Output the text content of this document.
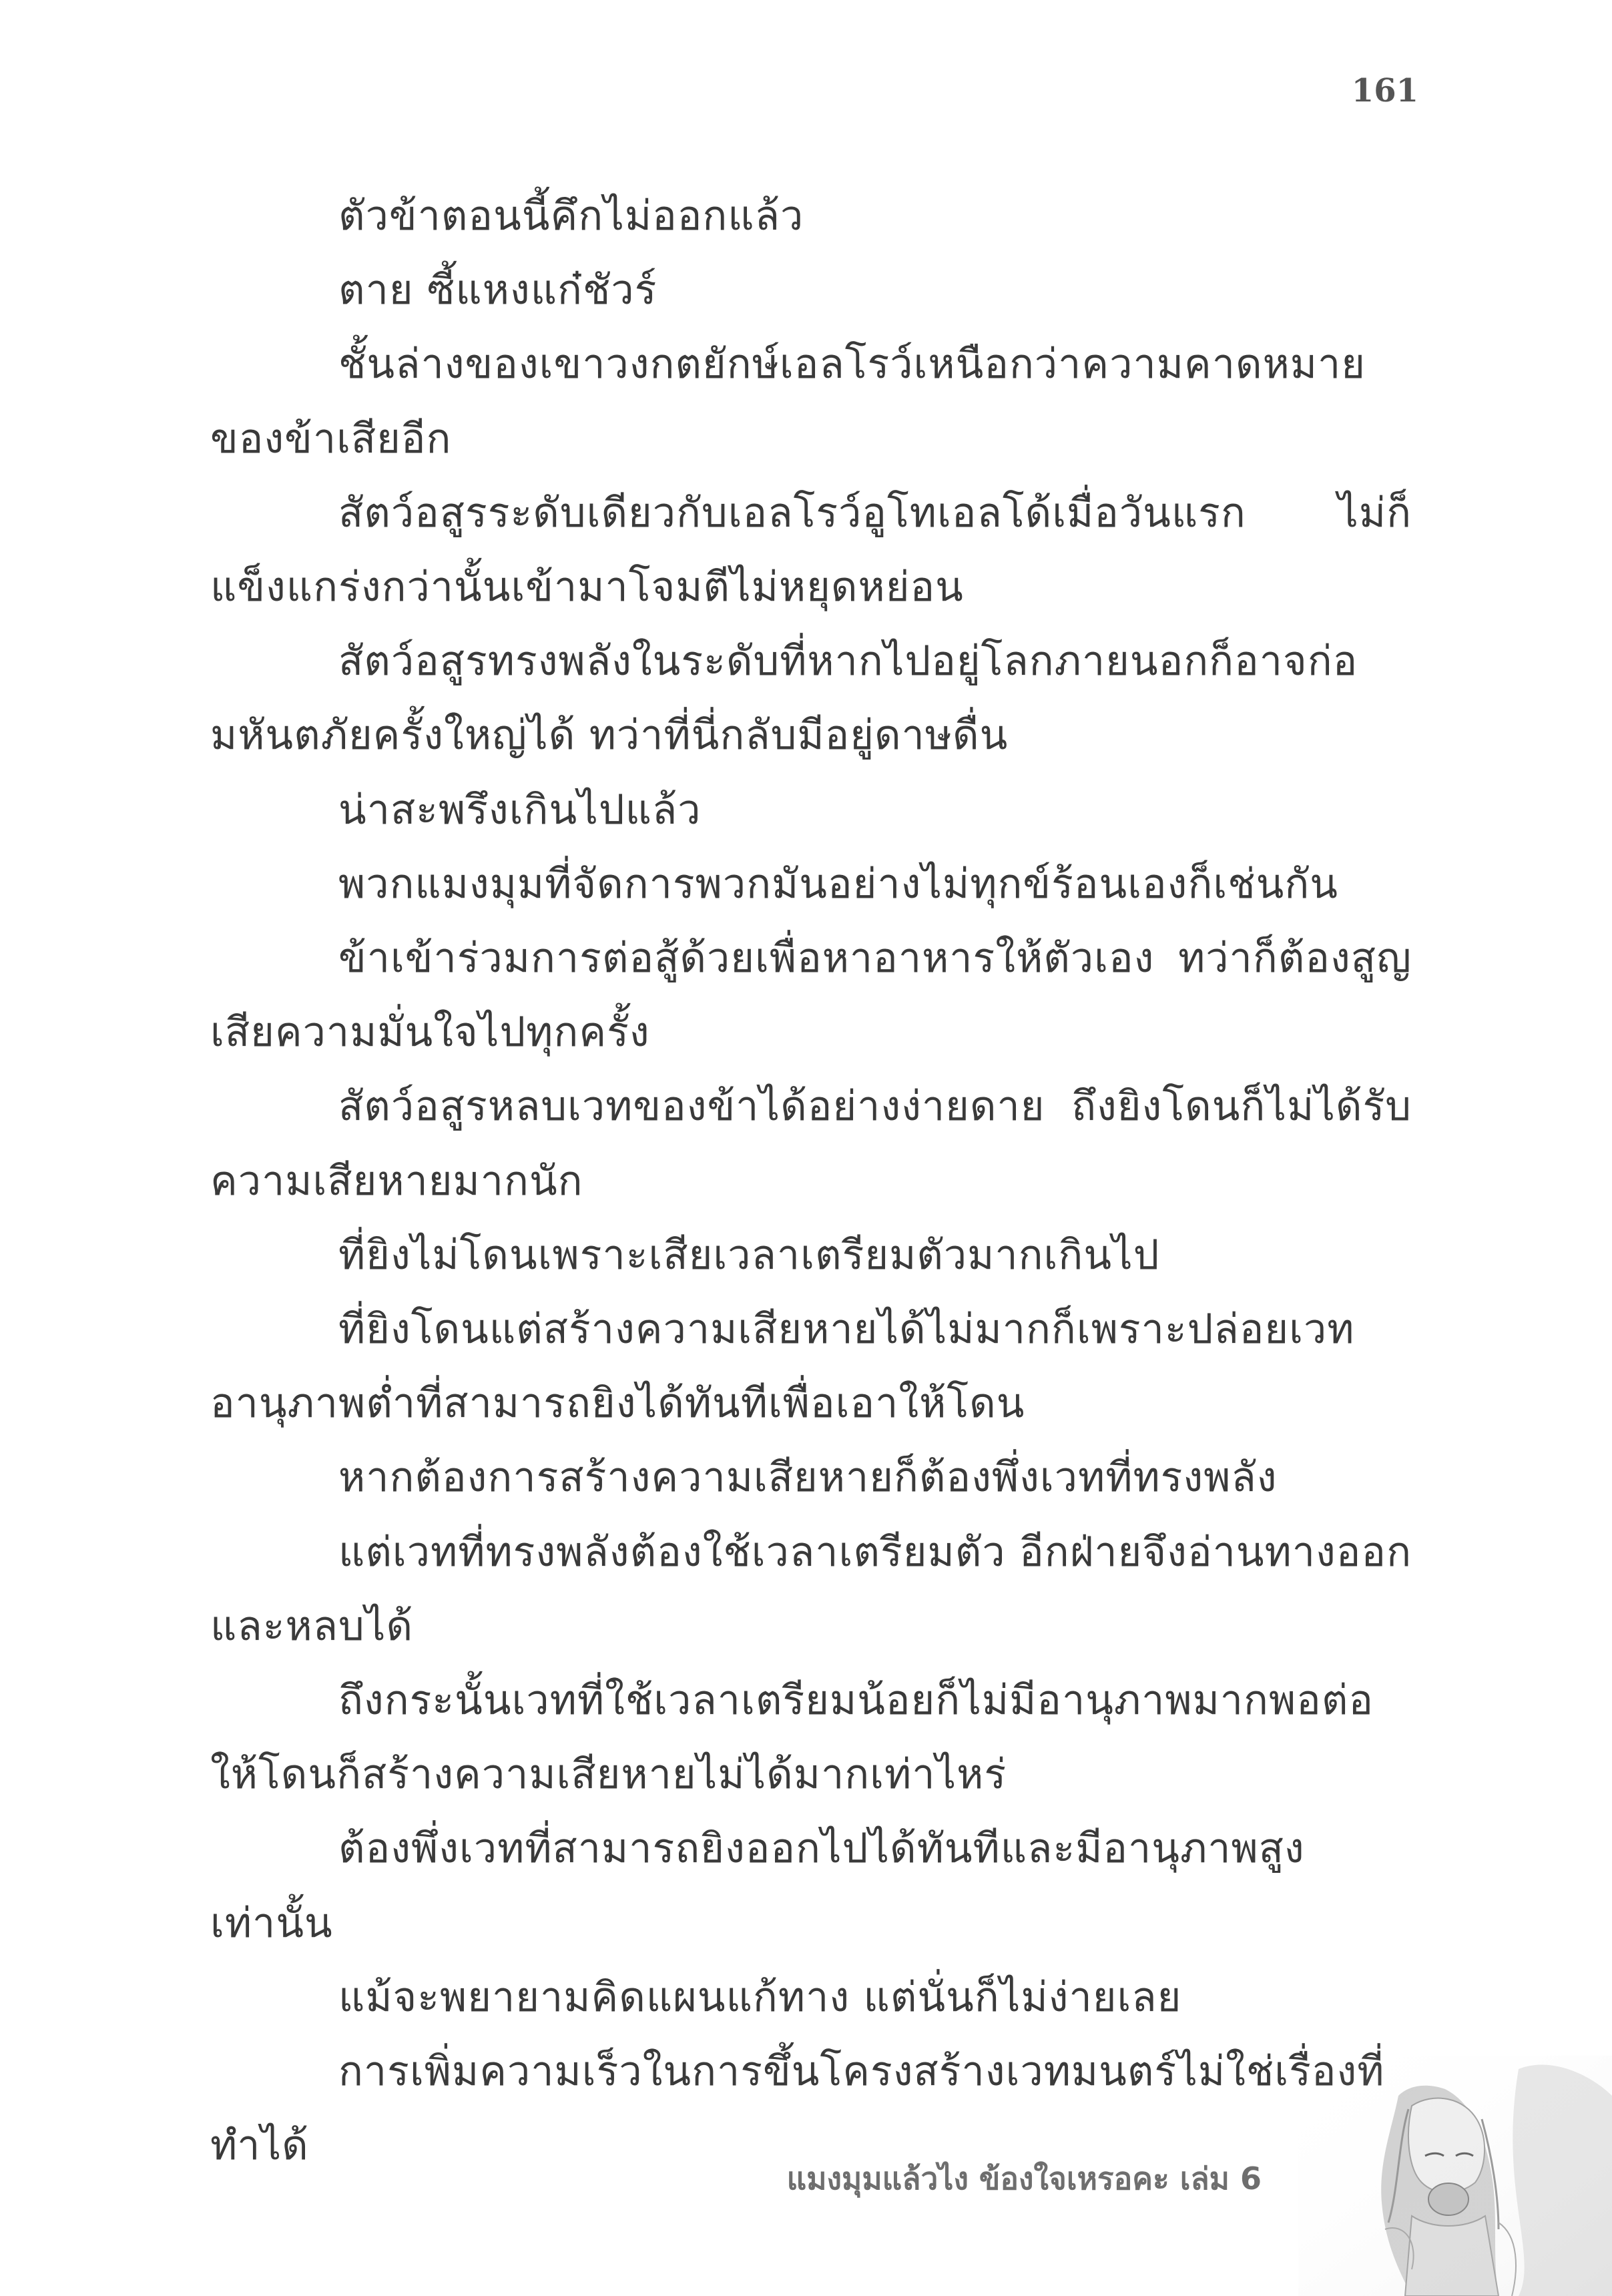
161

ตัวข้าตอนนี้คึกไม่ออกแล้ว

ตาย ซี้แหงแก๋ชัวร์

ชั้นล่างของเขาวงกตยักษ์เอลโรว์เหนือกว่าความคาดหมายของข้าเสียอีก

สัตว์อสูรระดับเดียวกับเอลโรว์อูโทเอลโด้เมื่อวันแรก ไม่ก็แข็งแกร่งกว่านั้นเข้ามาโจมตีไม่หยุดหย่อน

สัตว์อสูรทรงพลังในระดับที่หากไปอยู่โลกภายนอกก็อาจก่อมหันตภัยครั้งใหญ่ได้ ทว่าที่นี่กลับมีอยู่ดาษดื่น

น่าสะพรึงเกินไปแล้ว

พวกแมงมุมที่จัดการพวกมันอย่างไม่ทุกข์ร้อนเองก็เช่นกัน

ข้าเข้าร่วมการต่อสู้ด้วยเพื่อหาอาหารให้ตัวเอง ทว่าก็ต้องสูญเสียความมั่นใจไปทุกครั้ง

สัตว์อสูรหลบเวทของข้าได้อย่างง่ายดาย ถึงยิงโดนก็ไม่ได้รับความเสียหายมากนัก

ที่ยิงไม่โดนเพราะเสียเวลาเตรียมตัวมากเกินไป

ที่ยิงโดนแต่สร้างความเสียหายได้ไม่มากก็เพราะปล่อยเวทอานุภาพต่ำที่สามารถยิงได้ทันทีเพื่อเอาให้โดน

หากต้องการสร้างความเสียหายก็ต้องพึ่งเวทที่ทรงพลัง

แต่เวทที่ทรงพลังต้องใช้เวลาเตรียมตัว อีกฝ่ายจึงอ่านทางออกและหลบได้

ถึงกระนั้นเวทที่ใช้เวลาเตรียมน้อยก็ไม่มีอานุภาพมากพอต่อให้โดนก็สร้างความเสียหายไม่ได้มากเท่าไหร่

ต้องพึ่งเวทที่สามารถยิงออกไปได้ทันทีและมีอานุภาพสูงเท่านั้น

แม้จะพยายามคิดแผนแก้ทาง แต่นั่นก็ไม่ง่ายเลย

การเพิ่มความเร็วในการขึ้นโครงสร้างเวทมนตร์ไม่ใช่เรื่องที่ทำได้

แมงมุมแล้วไง ข้องใจเหรอคะ เล่ม 6
